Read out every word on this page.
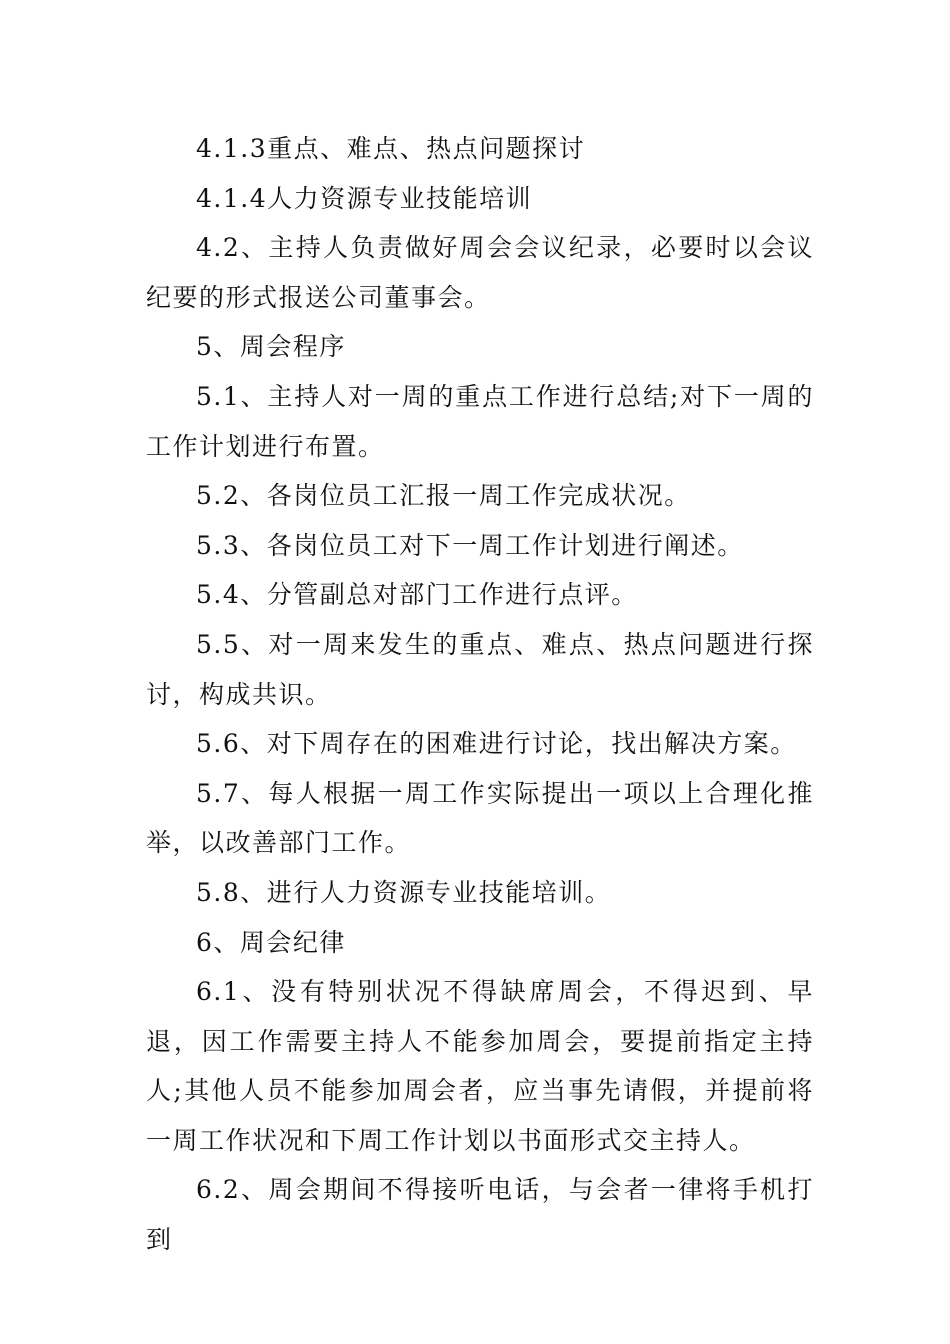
4.1.3重点、难点、热点问题探讨

4.1.4人力资源专业技能培训

4.2、主持人负责做好周会会议纪录，必要时以会议纪要的形式报送公司董事会。

5、周会程序

5.1、主持人对一周的重点工作进行总结;对下一周的工作计划进行布置。

5.2、各岗位员工汇报一周工作完成状况。

5.3、各岗位员工对下一周工作计划进行阐述。

5.4、分管副总对部门工作进行点评。

5.5、对一周来发生的重点、难点、热点问题进行探讨，构成共识。

5.6、对下周存在的困难进行讨论，找出解决方案。

5.7、每人根据一周工作实际提出一项以上合理化推举，以改善部门工作。

5.8、进行人力资源专业技能培训。

6、周会纪律

6.1、没有特别状况不得缺席周会，不得迟到、早退，因工作需要主持人不能参加周会，要提前指定主持人;其他人员不能参加周会者，应当事先请假，并提前将一周工作状况和下周工作计划以书面形式交主持人。

6.2、周会期间不得接听电话，与会者一律将手机打到
